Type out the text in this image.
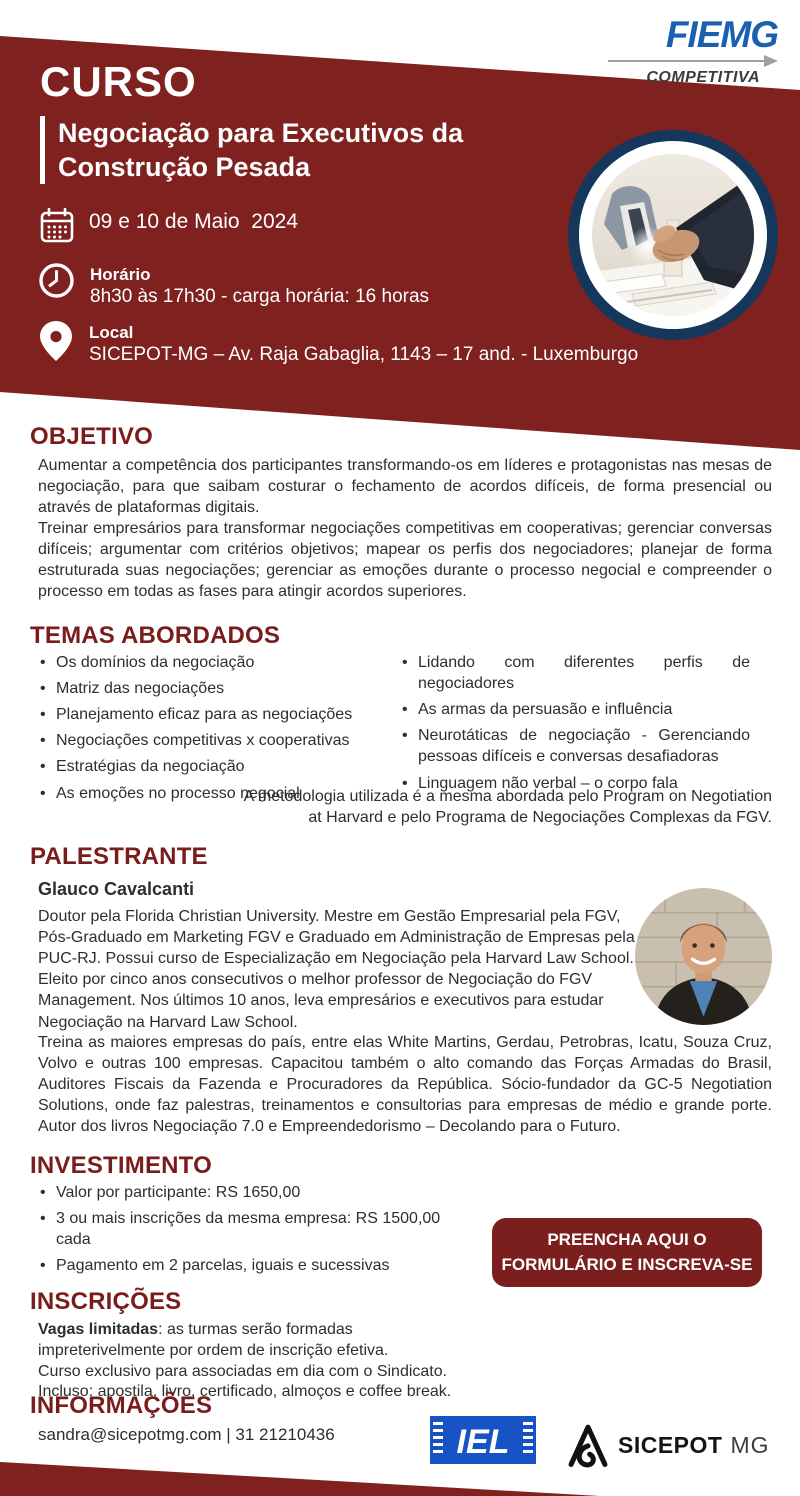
FIEMG
COMPETITIVA
CURSO
Negociação para Executivos da
Construção Pesada
09 e 10 de Maio  2024
Horário
8h30 às 17h30 - carga horária: 16 horas
Local
SICEPOT-MG – Av. Raja Gabaglia, 1143 – 17 and. - Luxemburgo
OBJETIVO
Aumentar a competência dos participantes transformando-os em líderes e protagonistas nas mesas de negociação, para que saibam costurar o fechamento de acordos difíceis, de forma presencial ou através de plataformas digitais.
Treinar empresários para transformar negociações competitivas em cooperativas; gerenciar conversas difíceis; argumentar com critérios objetivos; mapear os perfis dos negociadores; planejar de forma estruturada suas negociações; gerenciar as emoções durante o processo negocial e compreender o processo em todas as fases para atingir acordos superiores.
TEMAS ABORDADOS
• Os domínios da negociação
• Matriz das negociações
• Planejamento eficaz para as negociações
• Negociações competitivas x cooperativas
• Estratégias da negociação
• As emoções no processo negocial
• Lidando com diferentes perfis de negociadores
• As armas da persuasão e influência
• Neurotáticas de negociação - Gerenciando pessoas difíceis e conversas desafiadoras
• Linguagem não verbal – o corpo fala
A metodologia utilizada é a mesma abordada pelo Program on Negotiation
at Harvard e pelo Programa de Negociações Complexas da FGV.
PALESTRANTE
Glauco Cavalcanti
Doutor pela Florida Christian University. Mestre em Gestão Empresarial pela FGV, Pós-Graduado em Marketing FGV e Graduado em Administração de Empresas pela PUC-RJ. Possui curso de Especialização em Negociação pela Harvard Law School. Eleito por cinco anos consecutivos o melhor professor de Negociação do FGV Management. Nos últimos 10 anos, leva empresários e executivos para estudar Negociação na Harvard Law School.
Treina as maiores empresas do país, entre elas White Martins, Gerdau, Petrobras, Icatu, Souza Cruz, Volvo e outras 100 empresas. Capacitou também o alto comando das Forças Armadas do Brasil, Auditores Fiscais da Fazenda e Procuradores da República. Sócio-fundador da GC-5 Negotiation Solutions, onde faz palestras, treinamentos e consultorias para empresas de médio e grande porte. Autor dos livros Negociação 7.0 e Empreendedorismo – Decolando para o Futuro.
INVESTIMENTO
• Valor por participante: RS 1650,00
• 3 ou mais inscrições da mesma empresa: RS 1500,00 cada
• Pagamento em 2 parcelas, iguais e sucessivas
PREENCHA AQUI O
FORMULÁRIO E INSCREVA-SE
INSCRIÇÕES
Vagas limitadas: as turmas serão formadas
impreterivelmente por ordem de inscrição efetiva.
Curso exclusivo para associadas em dia com o Sindicato.
Incluso: apostila, livro, certificado, almoços e coffee break.
INFORMAÇÕES
sandra@sicepotmg.com | 31 21210436	IEL	SICEPOT MG
